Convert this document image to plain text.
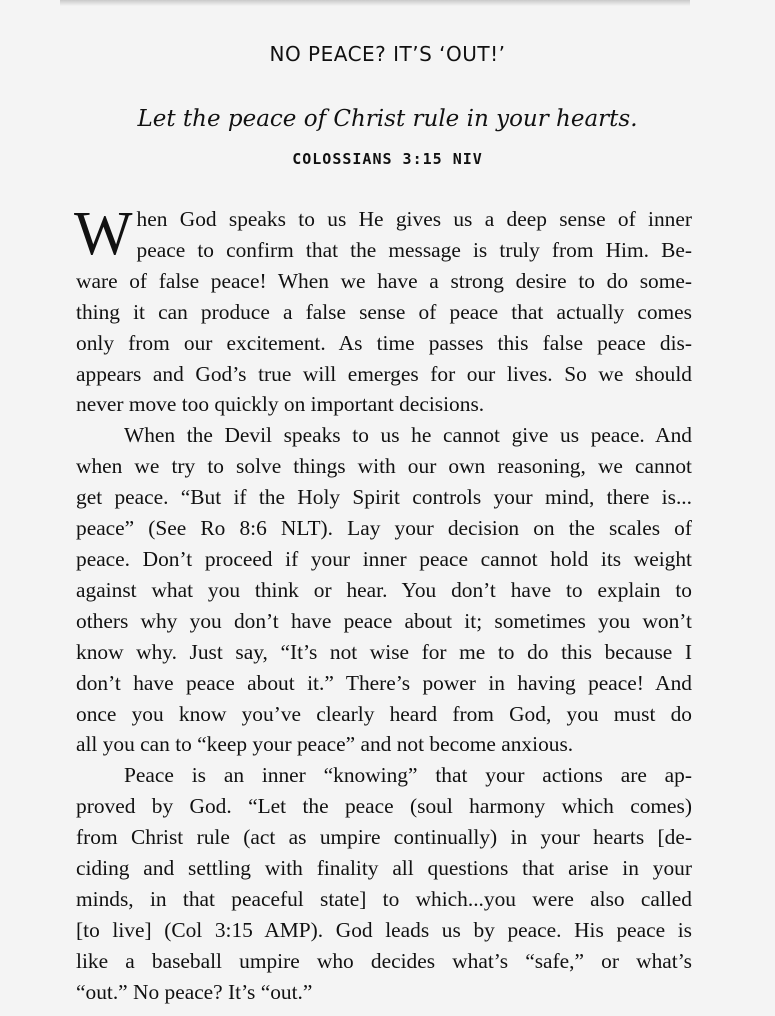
NO PEACE? IT’S ‘OUT!’
Let the peace of Christ rule in your hearts.
COLOSSIANS 3:15 NIV
W hen God speaks to us He gives us a deep sense of inner
peace to confirm that the message is truly from Him. Be-
ware of false peace! When we have a strong desire to do some-
thing it can produce a false sense of peace that actually comes
only from our excitement. As time passes this false peace dis-
appears and God’s true will emerges for our lives. So we should
never move too quickly on important decisions.
When the Devil speaks to us he cannot give us peace. And
when we try to solve things with our own reasoning, we cannot
get peace. “But if the Holy Spirit controls your mind, there is...
peace” (See Ro 8:6 NLT). Lay your decision on the scales of
peace. Don’t proceed if your inner peace cannot hold its weight
against what you think or hear. You don’t have to explain to
others why you don’t have peace about it; sometimes you won’t
know why. Just say, “It’s not wise for me to do this because I
don’t have peace about it.” There’s power in having peace! And
once you know you’ve clearly heard from God, you must do
all you can to “keep your peace” and not become anxious.
Peace is an inner “knowing” that your actions are ap-
proved by God. “Let the peace (soul harmony which comes)
from Christ rule (act as umpire continually) in your hearts [de-
ciding and settling with finality all questions that arise in your
minds, in that peaceful state] to which...you were also called
[to live] (Col 3:15 AMP). God leads us by peace. His peace is
like a baseball umpire who decides what’s “safe,” or what’s
“out.” No peace? It’s “out.”
